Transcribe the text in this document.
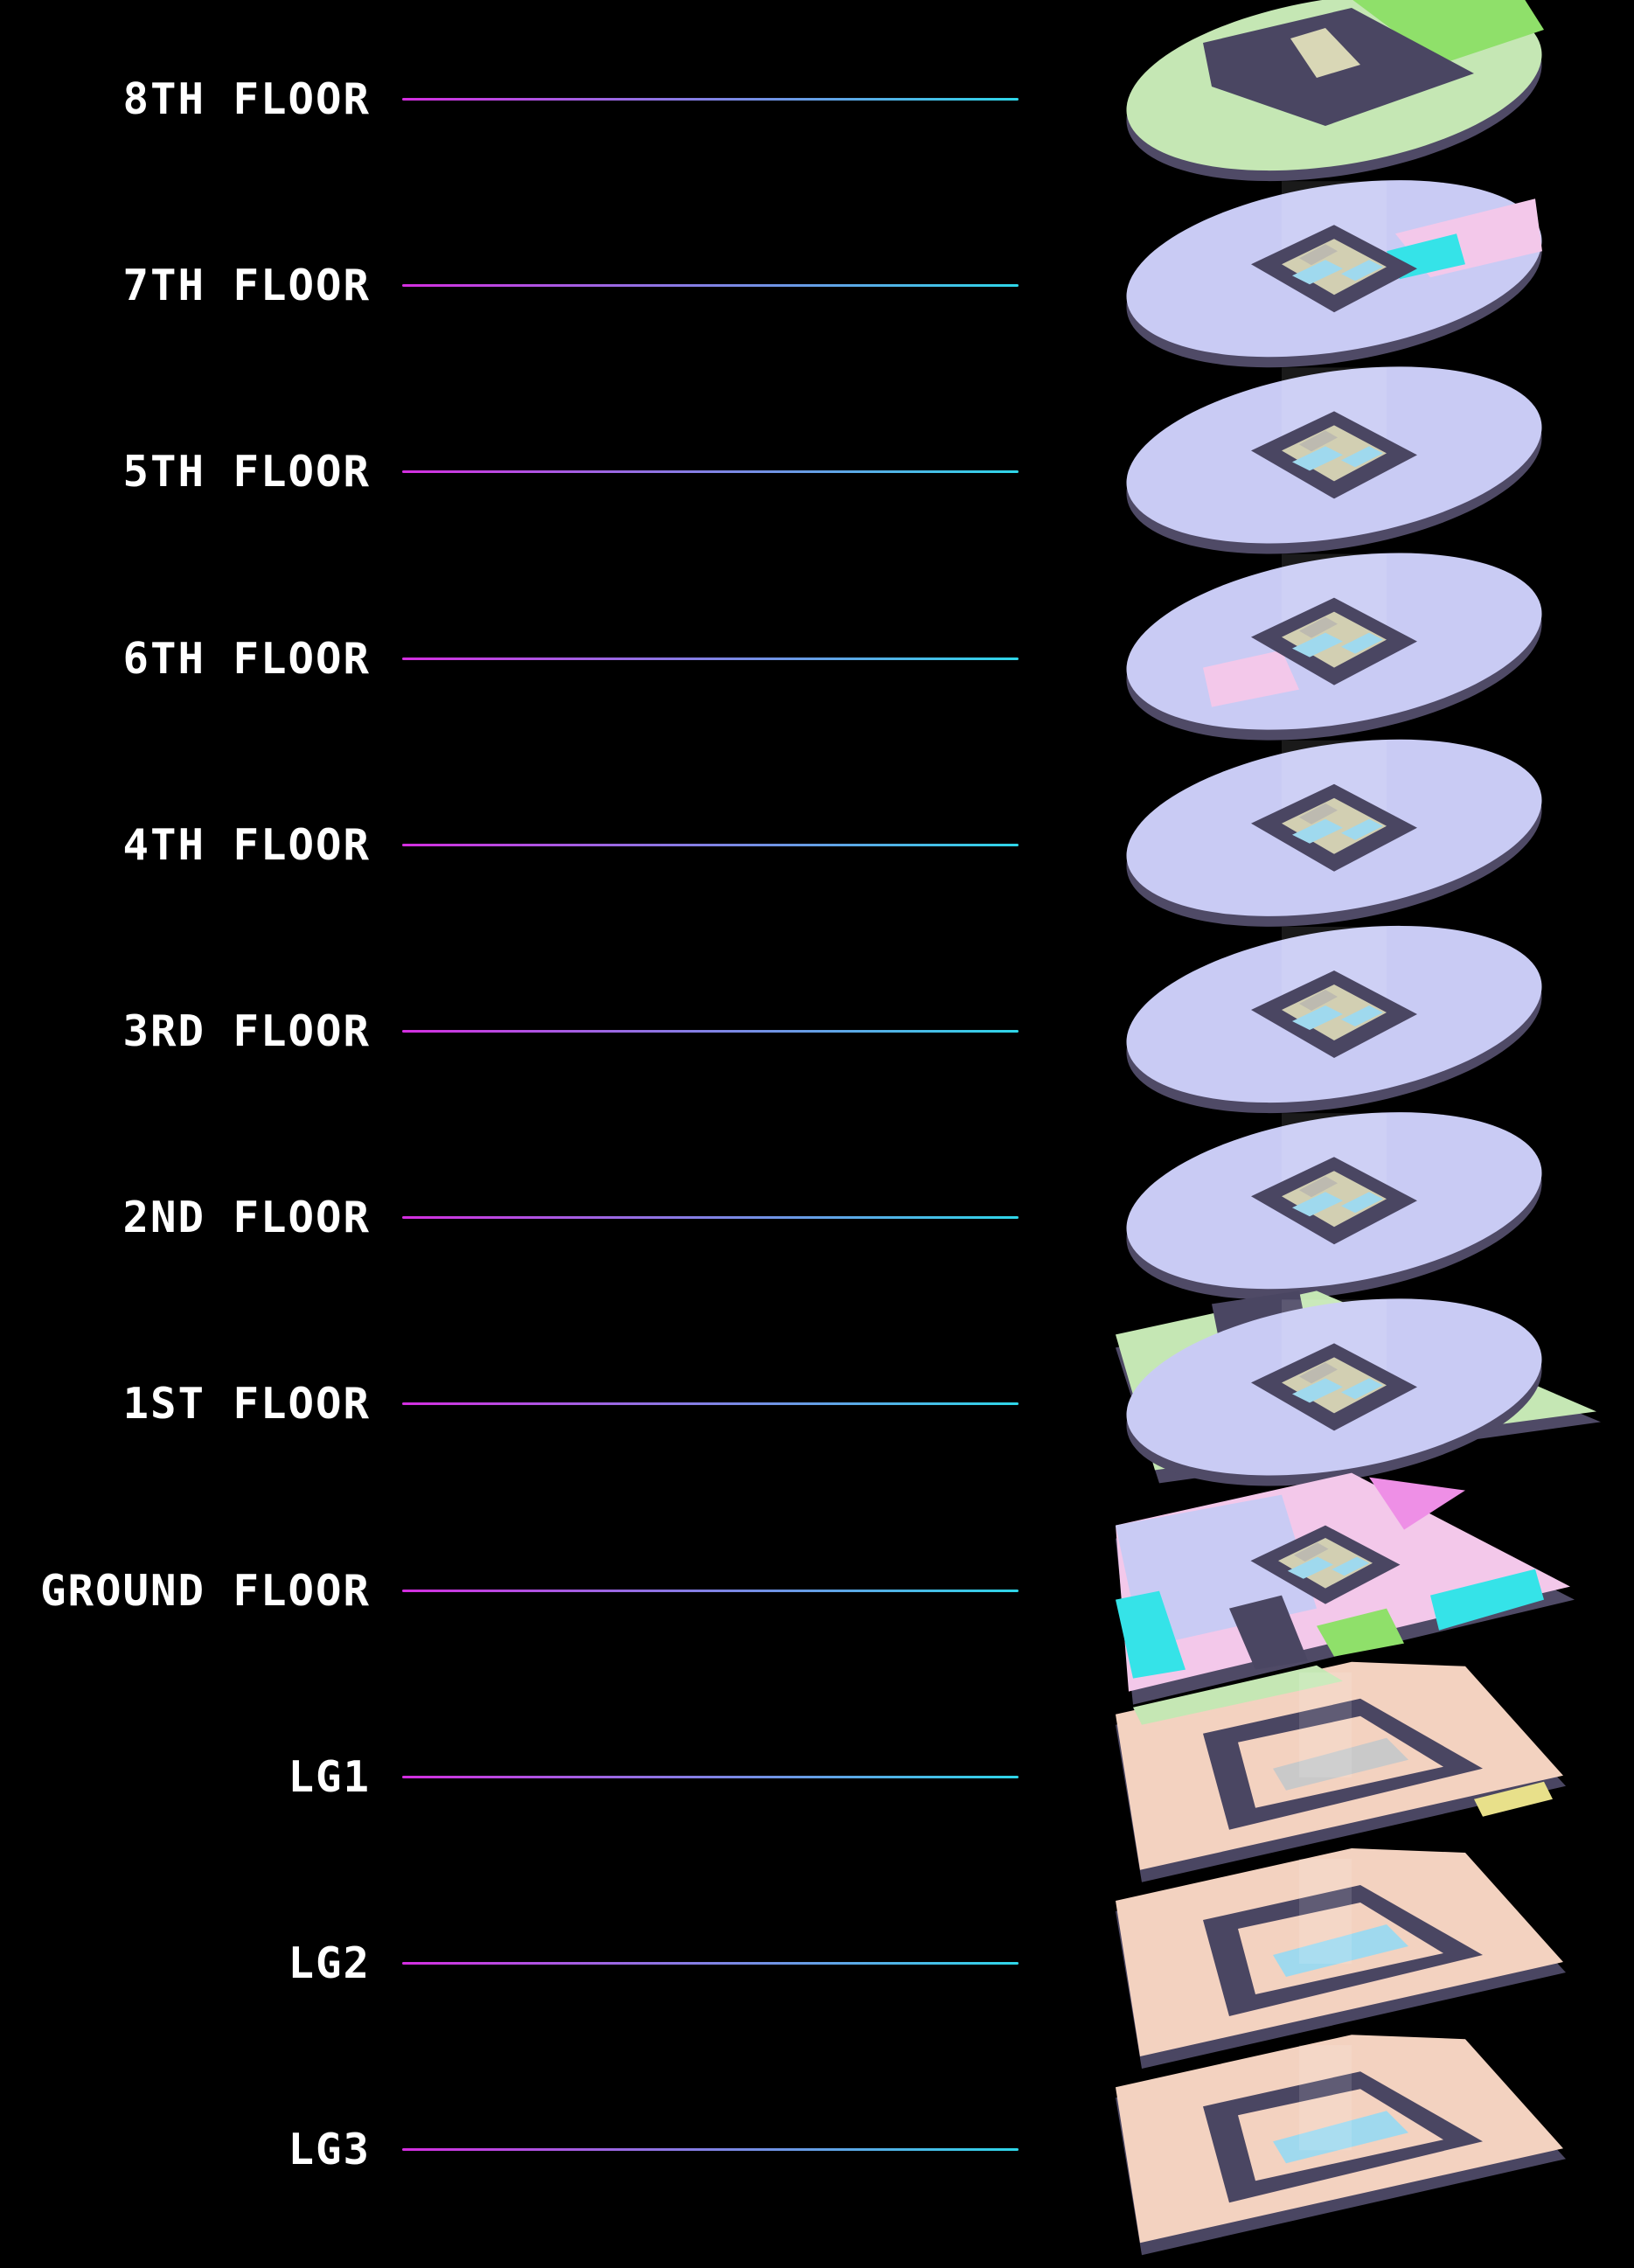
8TH FLOOR
7TH FLOOR
5TH FLOOR
6TH FLOOR
4TH FLOOR
3RD FLOOR
2ND FLOOR
1ST FLOOR
GROUND FLOOR
LG1
LG2
LG3
